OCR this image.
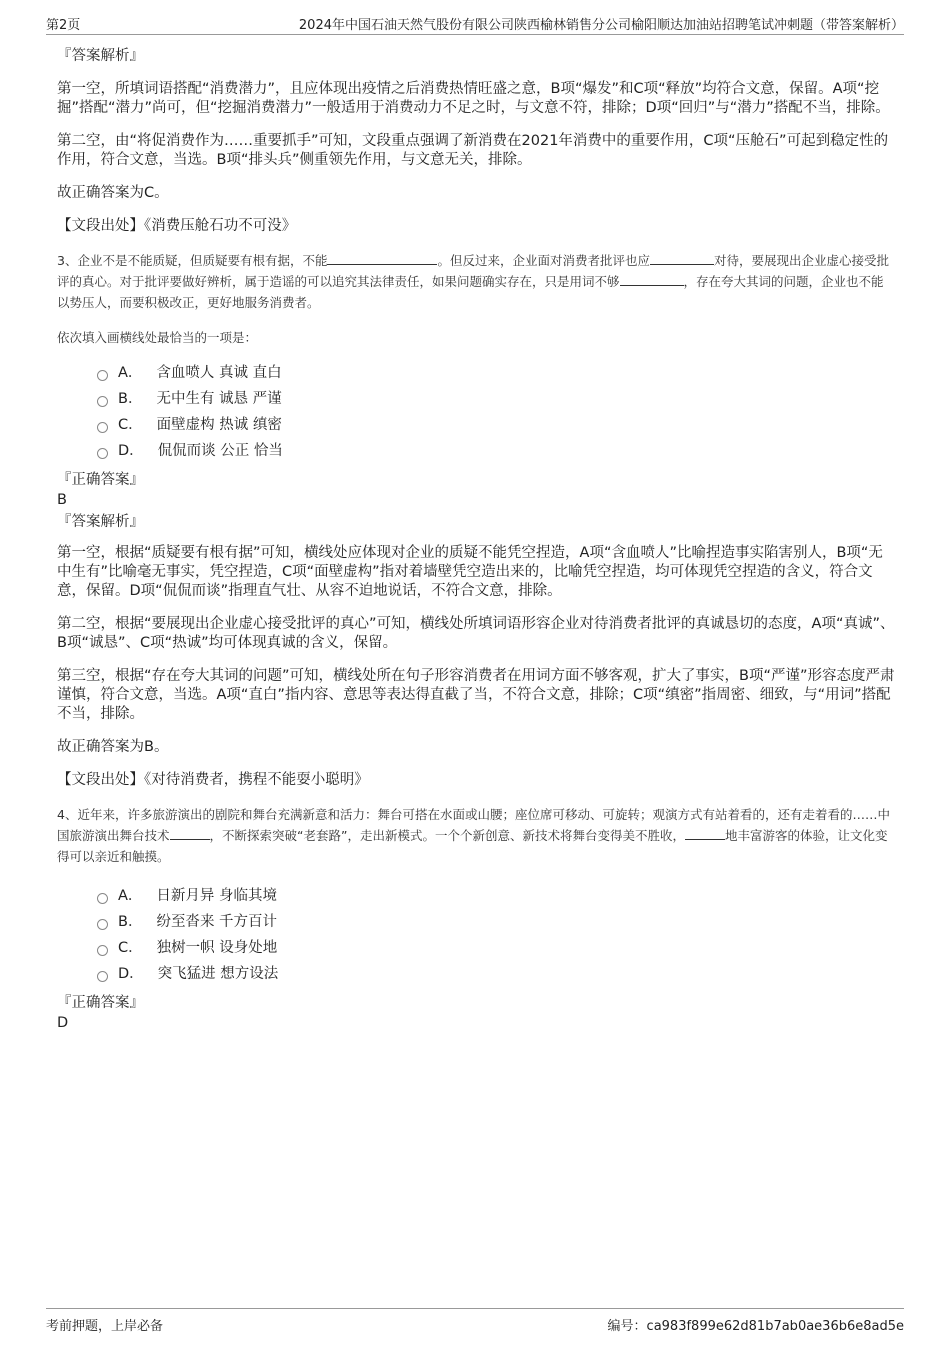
第2页	2024年中国石油天然气股份有限公司陕西榆林销售分公司榆阳顺达加油站招聘笔试冲刺题（带答案解析）
『答案解析』

第一空，所填词语搭配“消费潜力”，且应体现出疫情之后消费热情旺盛之意，B项“爆发”和C项“释放”均符合文意，保留。A项“挖掘”搭配“潜力”尚可，但“挖掘消费潜力”一般适用于消费动力不足之时，与文意不符，排除；D项“回归”与“潜力”搭配不当，排除。

第二空，由“将促消费作为……重要抓手”可知，文段重点强调了新消费在2021年消费中的重要作用，C项“压舱石”可起到稳定性的作用，符合文意，当选。B项“排头兵”侧重领先作用，与文意无关，排除。

故正确答案为C。

【文段出处】《消费压舱石功不可没》

3、企业不是不能质疑，但质疑要有根有据，不能	。但反过来，企业面对消费者批评也应	对待，要展现出企业虚心接受批评的真心。对于批评要做好辨析，属于造谣的可以追究其法律责任，如果问题确实存在，只是用词不够	，存在夸大其词的问题，企业也不能以势压人，而要积极改正，更好地服务消费者。

依次填入画横线处最恰当的一项是：

A． 含血喷人 真诚 直白
B． 无中生有 诚恳 严谨
C． 面壁虚构 热诚 缜密
D． 侃侃而谈 公正 恰当
『正确答案』
B
『答案解析』

第一空，根据“质疑要有根有据”可知，横线处应体现对企业的质疑不能凭空捏造，A项“含血喷人”比喻捏造事实陷害别人，B项“无中生有”比喻毫无事实，凭空捏造，C项“面壁虚构”指对着墙壁凭空造出来的，比喻凭空捏造，均可体现凭空捏造的含义，符合文意，保留。D项“侃侃而谈”指理直气壮、从容不迫地说话，不符合文意，排除。

第二空，根据“要展现出企业虚心接受批评的真心”可知，横线处所填词语形容企业对待消费者批评的真诚恳切的态度，A项“真诚”、B项“诚恳”、C项“热诚”均可体现真诚的含义，保留。

第三空，根据“存在夸大其词的问题”可知，横线处所在句子形容消费者在用词方面不够客观，扩大了事实，B项“严谨”形容态度严肃谨慎，符合文意，当选。A项“直白”指内容、意思等表达得直截了当，不符合文意，排除；C项“缜密”指周密、细致，与“用词”搭配不当，排除。

故正确答案为B。

【文段出处】《对待消费者，携程不能耍小聪明》

4、近年来，许多旅游演出的剧院和舞台充满新意和活力：舞台可搭在水面或山腰；座位席可移动、可旋转；观演方式有站着看的，还有走着看的……中国旅游演出舞台技术	，不断探索突破“老套路”，走出新模式。一个个新创意、新技术将舞台变得美不胜收，	地丰富游客的体验，让文化变得可以亲近和触摸。

A． 日新月异 身临其境
B． 纷至沓来 千方百计
C． 独树一帜 设身处地
D． 突飞猛进 想方设法
『正确答案』
D
考前押题，上岸必备	编号：ca983f899e62d81b7ab0ae36b6e8ad5e
